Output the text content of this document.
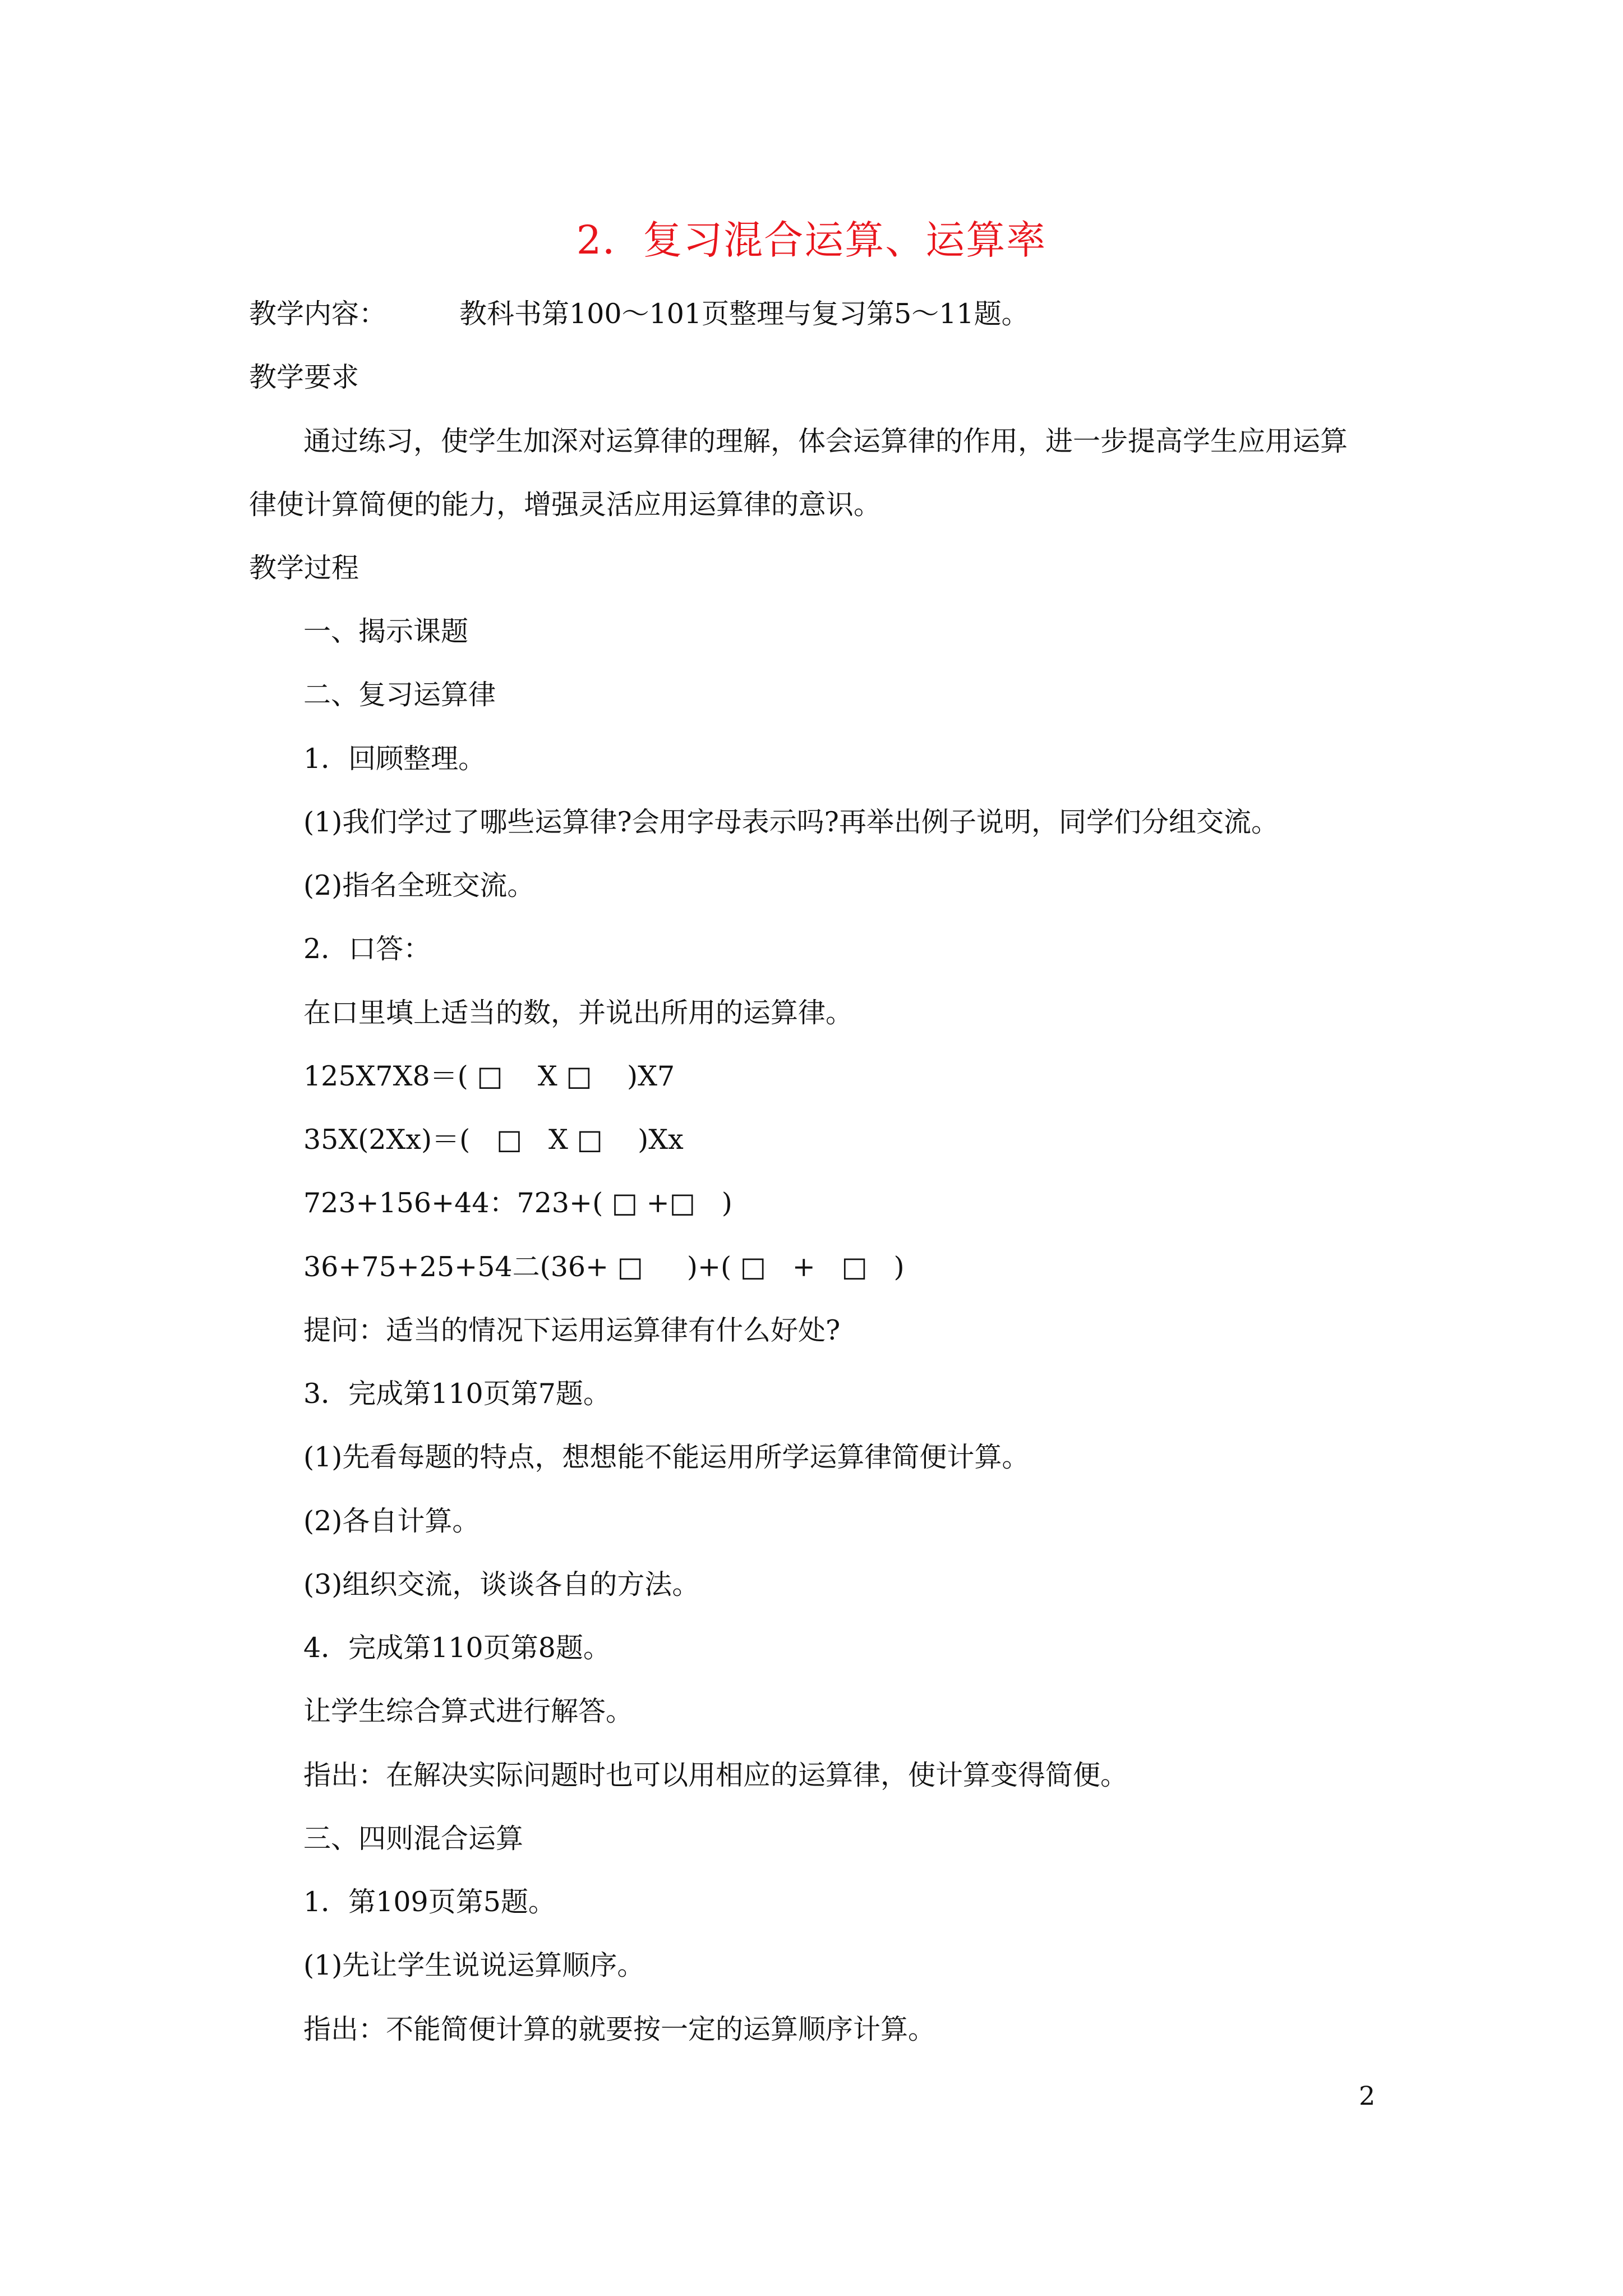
2．复习混合运算、运算率
教学内容：	教科书第100～101页整理与复习第5～11题。
教学要求
通过练习，使学生加深对运算律的理解，体会运算律的作用，进一步提高学生应用运算
律使计算简便的能力，增强灵活应用运算律的意识。
教学过程
一、揭示课题
二、复习运算律
1．回顾整理。
(1)我们学过了哪些运算律?会用字母表示吗?再举出例子说明，同学们分组交流。
(2)指名全班交流。
2．口答：
在口里填上适当的数，并说出所用的运算律。
125X7X8＝( □    X □    )X7
35X(2Xx)＝(   □   X □    )Xx
723+156+44：723+( □ +□   )
36+75+25+54二(36+ □     )+( □   +   □   )
提问：适当的情况下运用运算律有什么好处?
3．完成第110页第7题。
(1)先看每题的特点，想想能不能运用所学运算律简便计算。
(2)各自计算。
(3)组织交流，谈谈各自的方法。
4．完成第110页第8题。
让学生综合算式进行解答。
指出：在解决实际问题时也可以用相应的运算律，使计算变得简便。
三、四则混合运算
1．第109页第5题。
(1)先让学生说说运算顺序。
指出：不能简便计算的就要按一定的运算顺序计算。
2
